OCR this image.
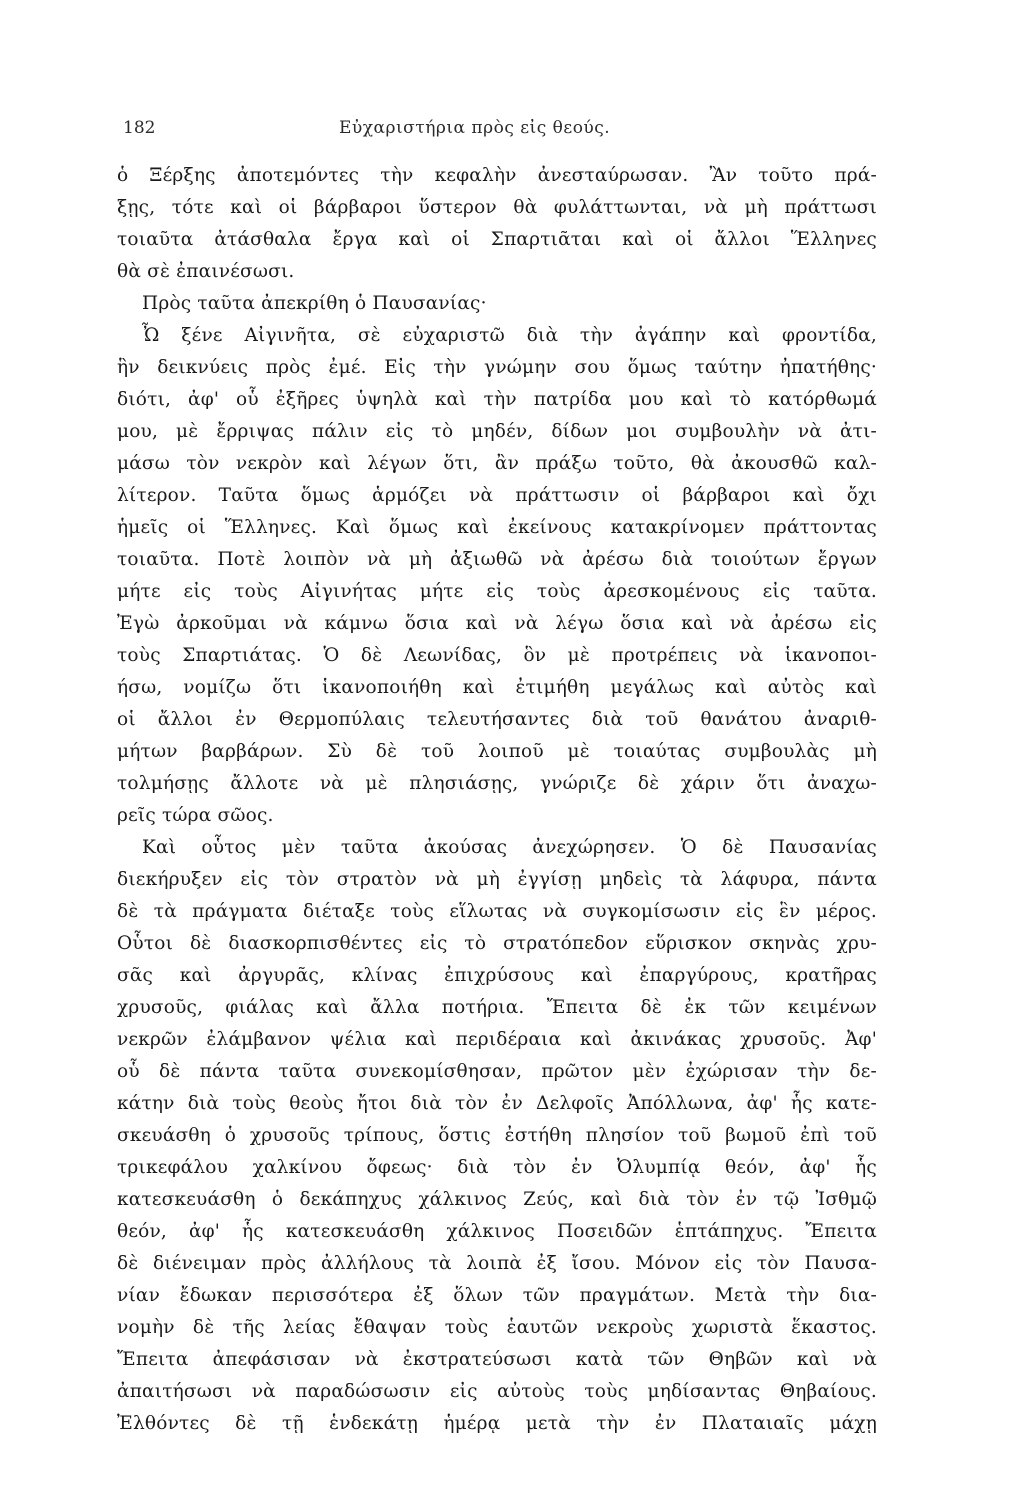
182	Εὐχαριστήρια πρὸς εἰς θεούς.
ὁ Ξέρξης ἀποτεμόντες τὴν κεφαλὴν ἀνεσταύρωσαν. Ἂν τοῦτο πρά-
ξῃς, τότε καὶ οἱ βάρβαροι ὕστερον θὰ φυλάττωνται, νὰ μὴ πράττωσι
τοιαῦτα ἀτάσθαλα ἔργα καὶ οἱ Σπαρτιᾶται καὶ οἱ ἄλλοι Ἕλληνες
θὰ σὲ ἐπαινέσωσι.
Πρὸς ταῦτα ἀπεκρίθη ὁ Παυσανίας·
Ὦ ξένε Αἰγινῆτα, σὲ εὐχαριστῶ διὰ τὴν ἀγάπην καὶ φροντίδα,
ἣν δεικνύεις πρὸς ἐμέ. Εἰς τὴν γνώμην σου ὅμως ταύτην ἠπατήθης·
διότι, ἀφ' οὗ ἐξῆρες ὑψηλὰ καὶ τὴν πατρίδα μου καὶ τὸ κατόρθωμά
μου, μὲ ἔρριψας πάλιν εἰς τὸ μηδέν, δίδων μοι συμβουλὴν νὰ ἀτι-
μάσω τὸν νεκρὸν καὶ λέγων ὅτι, ἂν πράξω τοῦτο, θὰ ἀκουσθῶ καλ-
λίτερον. Ταῦτα ὅμως ἁρμόζει νὰ πράττωσιν οἱ βάρβαροι καὶ ὄχι
ἡμεῖς οἱ Ἕλληνες. Καὶ ὅμως καὶ ἐκείνους κατακρίνομεν πράττοντας
τοιαῦτα. Ποτὲ λοιπὸν νὰ μὴ ἀξιωθῶ νὰ ἀρέσω διὰ τοιούτων ἔργων
μήτε εἰς τοὺς Αἰγινήτας μήτε εἰς τοὺς ἀρεσκομένους εἰς ταῦτα.
Ἐγὼ ἀρκοῦμαι νὰ κάμνω ὅσια καὶ νὰ λέγω ὅσια καὶ νὰ ἀρέσω εἰς
τοὺς Σπαρτιάτας. Ὁ δὲ Λεωνίδας, ὃν μὲ προτρέπεις νὰ ἱκανοποι-
ήσω, νομίζω ὅτι ἱκανοποιήθη καὶ ἐτιμήθη μεγάλως καὶ αὐτὸς καὶ
οἱ ἄλλοι ἐν Θερμοπύλαις τελευτήσαντες διὰ τοῦ θανάτου ἀναριθ-
μήτων βαρβάρων. Σὺ δὲ τοῦ λοιποῦ μὲ τοιαύτας συμβουλὰς μὴ
τολμήσῃς ἄλλοτε νὰ μὲ πλησιάσῃς, γνώριζε δὲ χάριν ὅτι ἀναχω-
ρεῖς τώρα σῶος.
Καὶ οὗτος μὲν ταῦτα ἀκούσας ἀνεχώρησεν. Ὁ δὲ Παυσανίας
διεκήρυξεν εἰς τὸν στρατὸν νὰ μὴ ἐγγίσῃ μηδεὶς τὰ λάφυρα, πάντα
δὲ τὰ πράγματα διέταξε τοὺς εἵλωτας νὰ συγκομίσωσιν εἰς ἓν μέρος.
Οὗτοι δὲ διασκορπισθέντες εἰς τὸ στρατόπεδον εὕρισκον σκηνὰς χρυ-
σᾶς καὶ ἀργυρᾶς, κλίνας ἐπιχρύσους καὶ ἐπαργύρους, κρατῆρας
χρυσοῦς, φιάλας καὶ ἄλλα ποτήρια. Ἔπειτα δὲ ἐκ τῶν κειμένων
νεκρῶν ἐλάμβανον ψέλια καὶ περιδέραια καὶ ἀκινάκας χρυσοῦς. Ἀφ'
οὗ δὲ πάντα ταῦτα συνεκομίσθησαν, πρῶτον μὲν ἐχώρισαν τὴν δε-
κάτην διὰ τοὺς θεοὺς ἤτοι διὰ τὸν ἐν Δελφοῖς Ἀπόλλωνα, ἀφ' ἧς κατε-
σκευάσθη ὁ χρυσοῦς τρίπους, ὅστις ἐστήθη πλησίον τοῦ βωμοῦ ἐπὶ τοῦ
τρικεφάλου χαλκίνου ὄφεως· διὰ τὸν ἐν Ὀλυμπίᾳ θεόν, ἀφ' ἧς
κατεσκευάσθη ὁ δεκάπηχυς χάλκινος Ζεύς, καὶ διὰ τὸν ἐν τῷ Ἰσθμῷ
θεόν, ἀφ' ἧς κατεσκευάσθη χάλκινος Ποσειδῶν ἑπτάπηχυς. Ἔπειτα
δὲ διένειμαν πρὸς ἀλλήλους τὰ λοιπὰ ἐξ ἴσου. Μόνον εἰς τὸν Παυσα-
νίαν ἔδωκαν περισσότερα ἐξ ὅλων τῶν πραγμάτων. Μετὰ τὴν δια-
νομὴν δὲ τῆς λείας ἔθαψαν τοὺς ἑαυτῶν νεκροὺς χωριστὰ ἕκαστος.
Ἔπειτα ἀπεφάσισαν νὰ ἐκστρατεύσωσι κατὰ τῶν Θηβῶν καὶ νὰ
ἀπαιτήσωσι νὰ παραδώσωσιν εἰς αὐτοὺς τοὺς μηδίσαντας Θηβαίους.
Ἐλθόντες δὲ τῇ ἑνδεκάτῃ ἡμέρᾳ μετὰ τὴν ἐν Πλαταιαῖς μάχῃ
